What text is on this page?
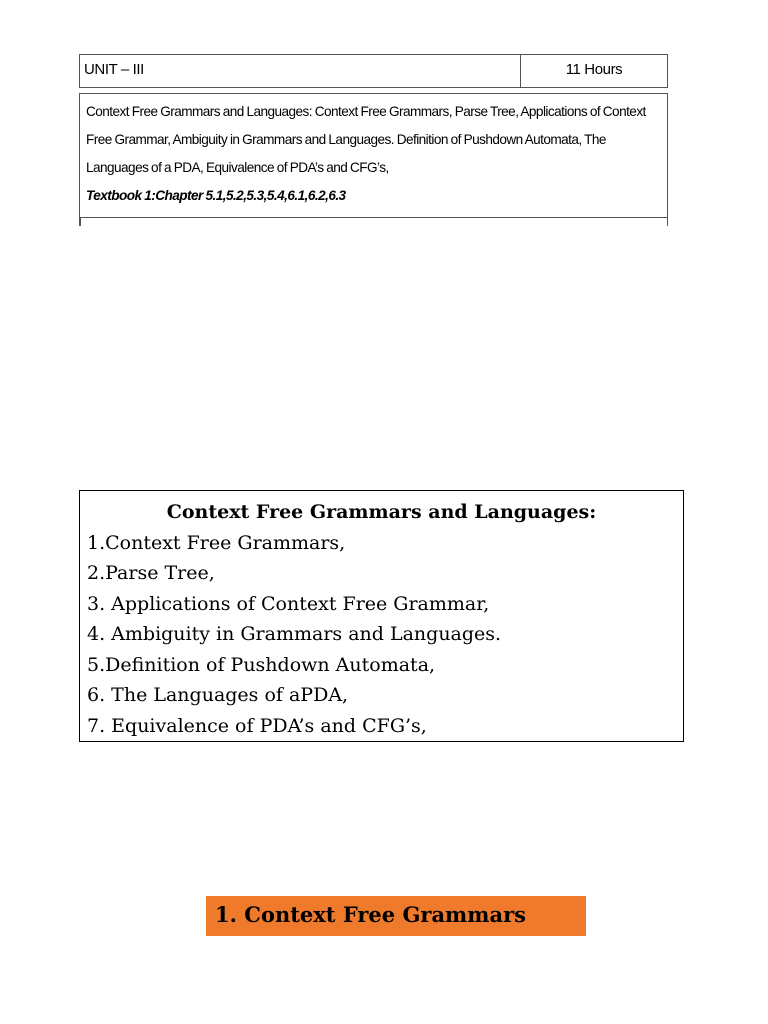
UNIT – III	11 Hours
Context Free Grammars and Languages: Context Free Grammars, Parse Tree, Applications of Context Free Grammar, Ambiguity in Grammars and Languages. Definition of Pushdown Automata, The Languages of a PDA, Equivalence of PDA’s and CFG’s,
Textbook 1:Chapter 5.1,5.2,5.3,5.4,6.1,6.2,6.3
Context Free Grammars and Languages:
1.Context Free Grammars,
2.Parse Tree,
3. Applications of Context Free Grammar,
4. Ambiguity in Grammars and Languages.
5.Definition of Pushdown Automata,
6. The Languages of aPDA,
7. Equivalence of PDA’s and CFG’s,
1. Context Free Grammars
